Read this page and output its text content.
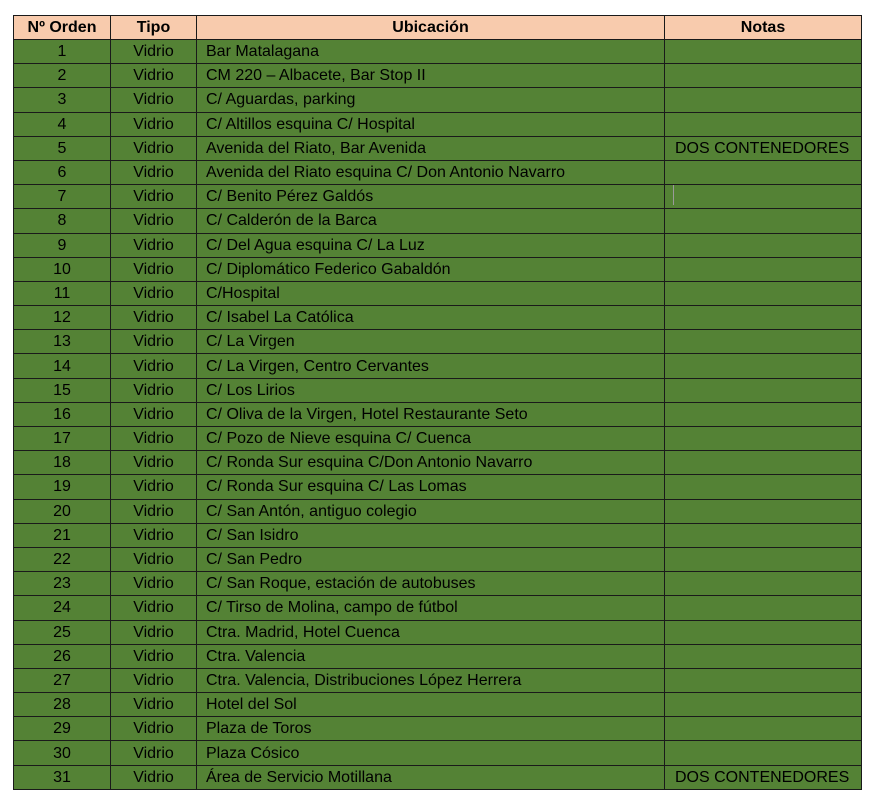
Nº Orden	Tipo	Ubicación	Notas
1	Vidrio	Bar Matalagana	
2	Vidrio	CM 220 – Albacete, Bar Stop II	
3	Vidrio	C/ Aguardas, parking	
4	Vidrio	C/ Altillos esquina C/ Hospital	
5	Vidrio	Avenida del Riato, Bar Avenida	DOS CONTENEDORES
6	Vidrio	Avenida del Riato esquina C/ Don Antonio Navarro	
7	Vidrio	C/ Benito Pérez Galdós	
8	Vidrio	C/ Calderón de la Barca	
9	Vidrio	C/ Del Agua esquina C/ La Luz	
10	Vidrio	C/ Diplomático Federico Gabaldón	
11	Vidrio	C/Hospital	
12	Vidrio	C/ Isabel La Católica	
13	Vidrio	C/ La Virgen	
14	Vidrio	C/ La Virgen, Centro Cervantes	
15	Vidrio	C/ Los Lirios	
16	Vidrio	C/ Oliva de la Virgen, Hotel Restaurante Seto	
17	Vidrio	C/ Pozo de Nieve esquina C/ Cuenca	
18	Vidrio	C/ Ronda Sur esquina C/Don Antonio Navarro	
19	Vidrio	C/ Ronda Sur esquina C/ Las Lomas	
20	Vidrio	C/ San Antón, antiguo colegio	
21	Vidrio	C/ San Isidro	
22	Vidrio	C/ San Pedro	
23	Vidrio	C/ San Roque, estación de autobuses	
24	Vidrio	C/ Tirso de Molina, campo de fútbol	
25	Vidrio	Ctra. Madrid, Hotel Cuenca	
26	Vidrio	Ctra. Valencia	
27	Vidrio	Ctra. Valencia, Distribuciones López Herrera	
28	Vidrio	Hotel del Sol	
29	Vidrio	Plaza de Toros	
30	Vidrio	Plaza Cósico	
31	Vidrio	Área de Servicio Motillana	DOS CONTENEDORES
